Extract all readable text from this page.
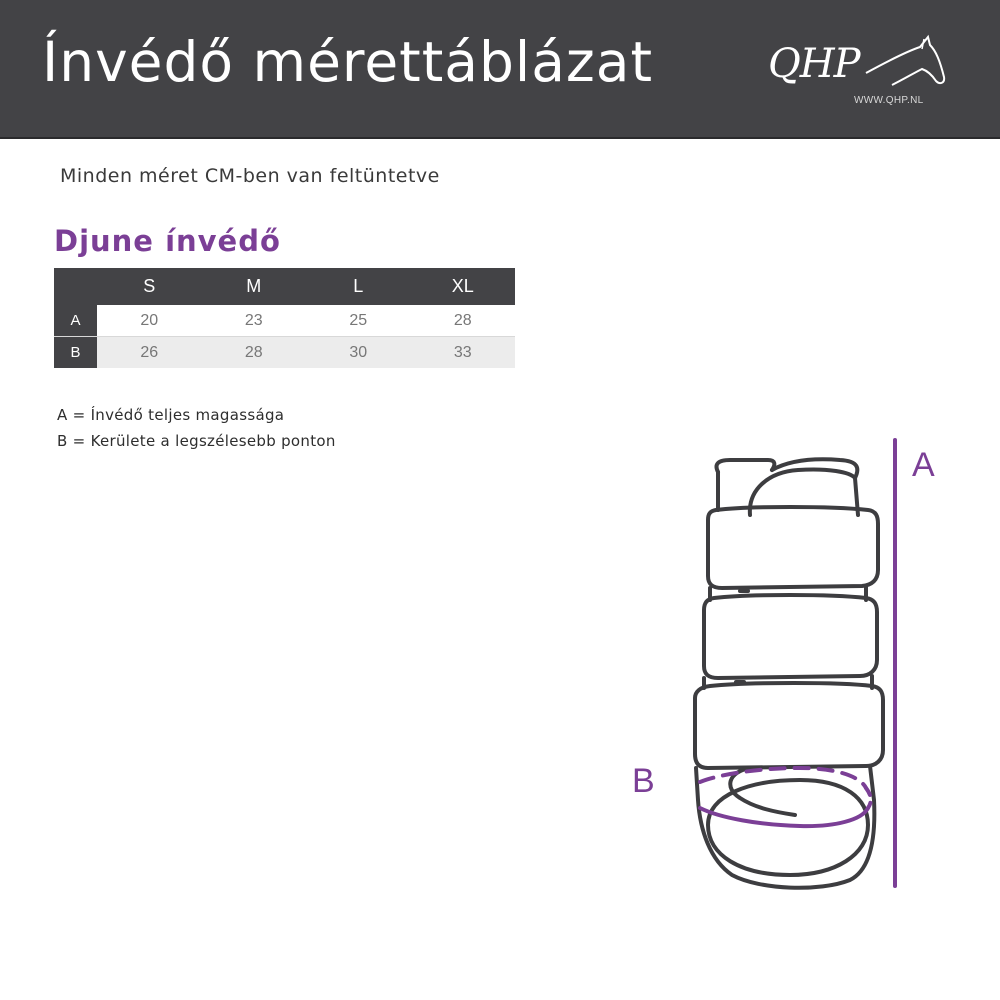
Ínvédő mérettáblázat	QHP
WWW.QHP.NL
Minden méret CM-ben van feltüntetve
Djune ínvédő
S	M	L	XL
A	20	23	25	28
B	26	28	30	33
A = Ínvédő teljes magassága
B = Kerülete a legszélesebb ponton
A
B
